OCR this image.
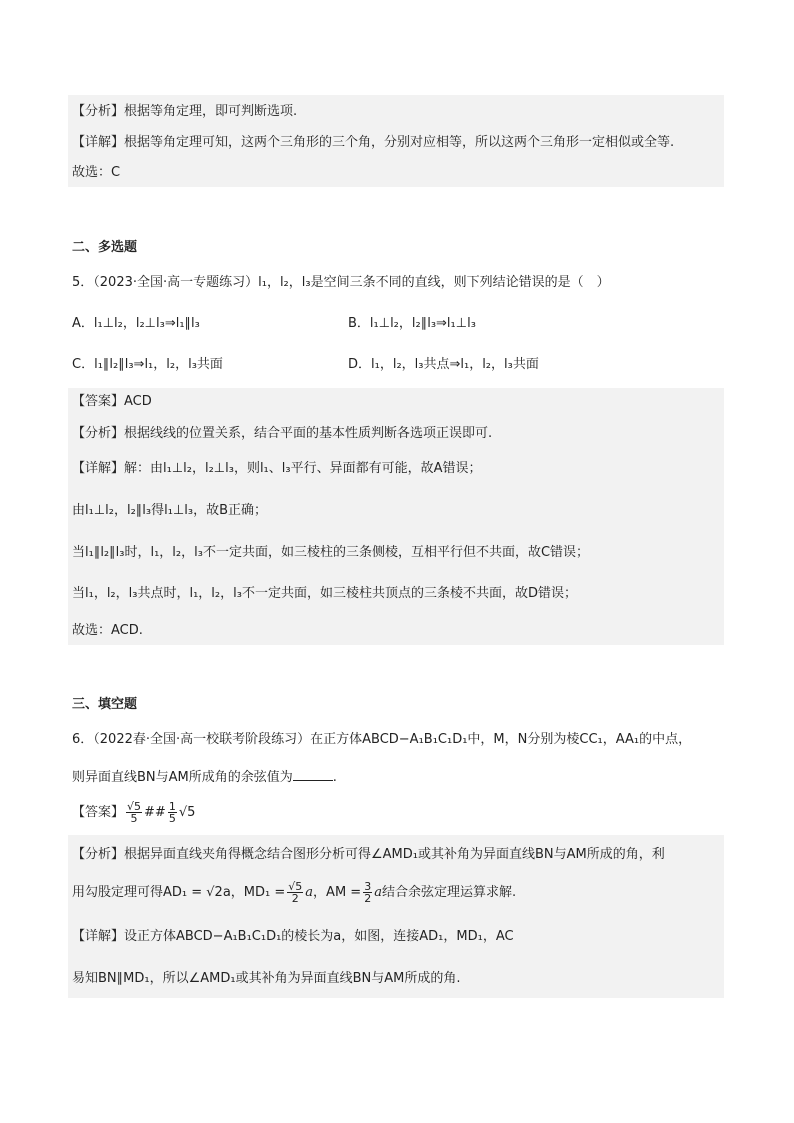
【分析】根据等角定理，即可判断选项.
【详解】根据等角定理可知，这两个三角形的三个角，分别对应相等，所以这两个三角形一定相似或全等.
故选：C
二、多选题
5．（2023·全国·高一专题练习）l₁，l₂，l₃是空间三条不同的直线，则下列结论错误的是（　）
A．l₁⊥l₂，l₂⊥l₃⇒l₁∥l₃	B．l₁⊥l₂，l₂∥l₃⇒l₁⊥l₃
C．l₁∥l₂∥l₃⇒l₁，l₂，l₃共面	D．l₁，l₂，l₃共点⇒l₁，l₂，l₃共面
【答案】ACD
【分析】根据线线的位置关系，结合平面的基本性质判断各选项正误即可.
【详解】解：由l₁⊥l₂，l₂⊥l₃，则l₁、l₃平行、异面都有可能，故A错误；
由l₁⊥l₂，l₂∥l₃得l₁⊥l₃，故B正确；
当l₁∥l₂∥l₃时，l₁，l₂，l₃不一定共面，如三棱柱的三条侧棱，互相平行但不共面，故C错误；
当l₁，l₂，l₃共点时，l₁，l₂，l₃不一定共面，如三棱柱共顶点的三条棱不共面，故D错误；
故选：ACD.
三、填空题
6．（2022春·全国·高一校联考阶段练习）在正方体ABCD−A₁B₁C₁D₁中，M，N分别为棱CC₁，AA₁的中点，
则异面直线BN与AM所成角的余弦值为	.
【答案】 $\frac{√5}{5}$ ## $\frac{1}{5} √5$
【分析】根据异面直线夹角得概念结合图形分析可得∠AMD₁或其补角为异面直线BN与AM所成的角，利
用勾股定理可得AD₁ = √2a，$MD_1 = \frac{√5}{2}$ a，AM = $\frac{3}{2}$ a结合余弦定理运算求解.
【详解】设正方体ABCD−A₁B₁C₁D₁的棱长为a，如图，连接AD₁，MD₁，AC
易知BN∥MD₁，所以∠AMD₁或其补角为异面直线BN与AM所成的角.
